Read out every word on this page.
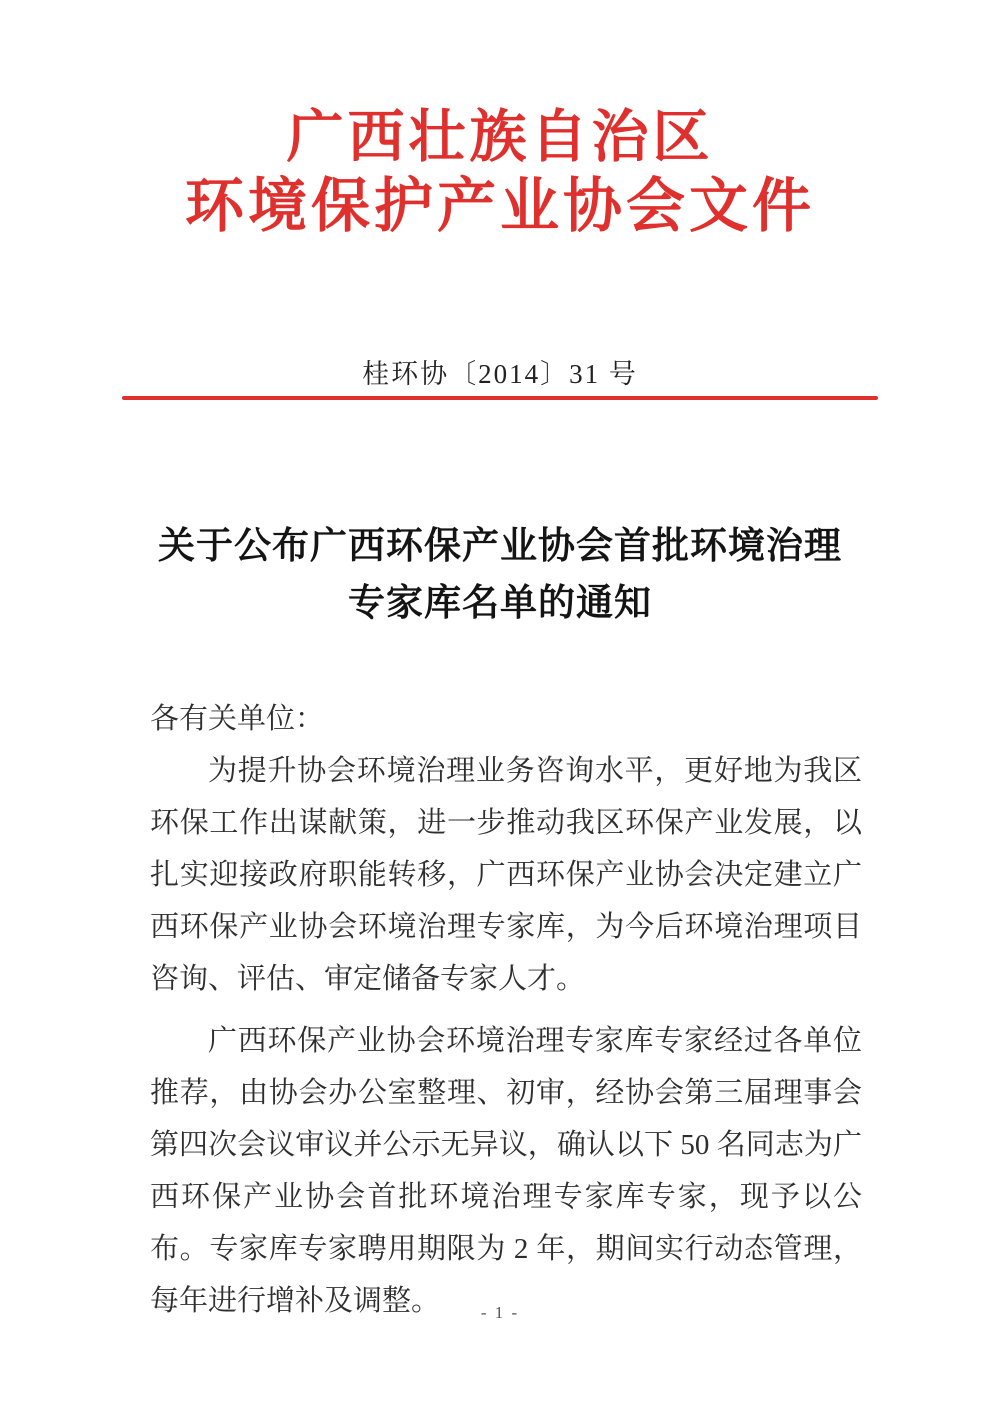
广西壮族自治区
环境保护产业协会文件
桂环协〔2014〕31 号
关于公布广西环保产业协会首批环境治理
专家库名单的通知

各有关单位：

为提升协会环境治理业务咨询水平，更好地为我区环保工作出谋献策，进一步推动我区环保产业发展，以扎实迎接政府职能转移，广西环保产业协会决定建立广西环保产业协会环境治理专家库，为今后环境治理项目咨询、评估、审定储备专家人才。

广西环保产业协会环境治理专家库专家经过各单位推荐，由协会办公室整理、初审，经协会第三届理事会第四次会议审议并公示无异议，确认以下 50 名同志为广西环保产业协会首批环境治理专家库专家，现予以公布。专家库专家聘用期限为 2 年，期间实行动态管理，每年进行增补及调整。	- 1 -
